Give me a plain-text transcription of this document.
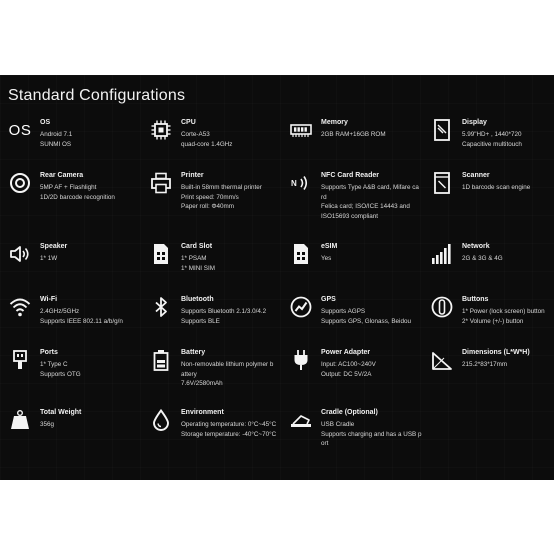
Standard Configurations
OS OS
Android 7.1
SUNMI OS
CPU
Corte-A53
quad-core 1.4GHz
Memory
2GB RAM+16GB ROM
Display
5.99"HD+ , 1440*720
Capacitive multitouch
Rear Camera
5MP AF + Flashlight
1D/2D barcode recognition
Printer
Built-in 58mm thermal printer
Print speed: 70mm/s
Paper roll: Φ40mm
N
NFC Card Reader
Supports Type A&B card, Mifare ca
rd
Felica card; ISO/ICE 14443 and
ISO15693 compliant
Scanner
1D barcode scan engine
Speaker
1* 1W
Card Slot
1* PSAM
1* MINI SIM
eSIM
Yes
Network
2G & 3G & 4G
Wi-Fi
2.4GHz/5GHz
Supports IEEE 802.11 a/b/g/n
Bluetooth
Supports Bluetooth 2.1/3.0/4.2
Supports BLE
GPS
Supports AGPS
Supports GPS, Glonass, Beidou
Buttons
1* Power (lock screen) button
2* Volume (+/-) button
Ports
1* Type C
Supports OTG
Battery
Non-removable lithium polymer b
attery
7.6V/2580mAh
Power Adapter
Input: AC100~240V
Output: DC 5V/2A
Dimensions (L*W*H)
215.2*83*17mm
Total Weight
356g
Environment
Operating temperature: 0°C~45°C
Storage temperature: -40°C~70°C
Cradle (Optional)
USB Cradle
Supports charging and has a USB p
ort
